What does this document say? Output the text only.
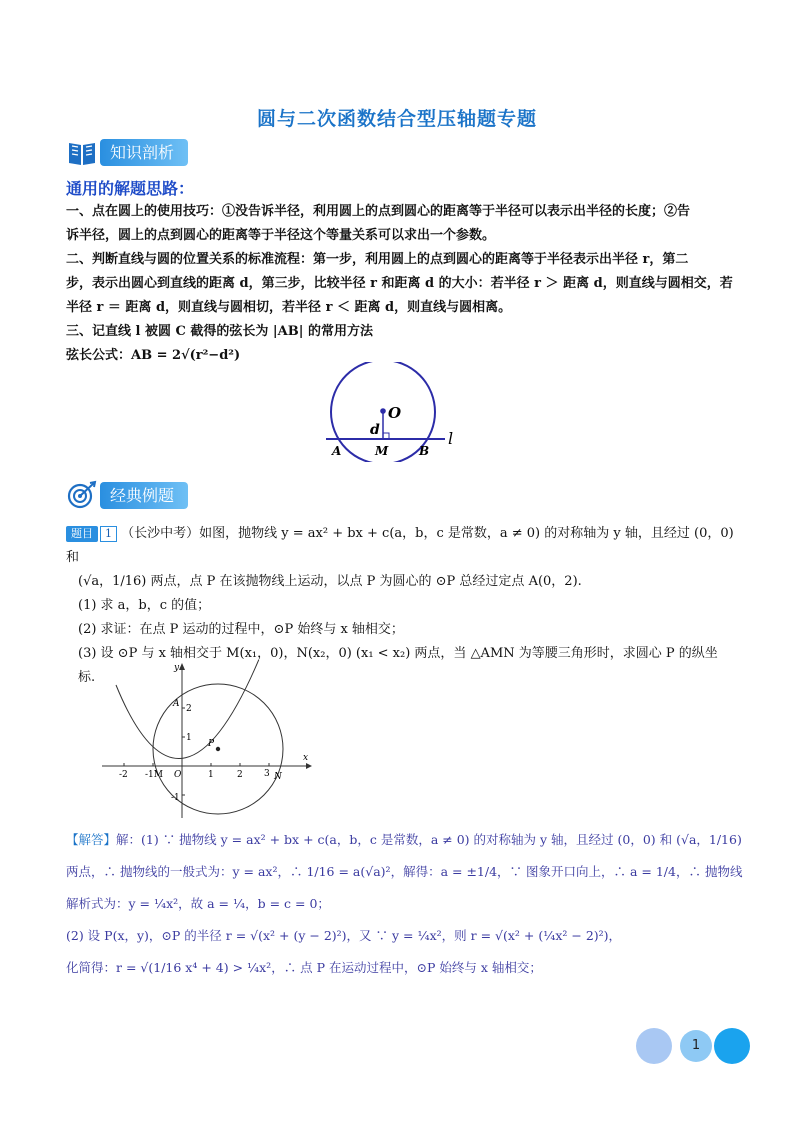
圆与二次函数结合型压轴题专题
知识剖析
通用的解题思路：

一、点在圆上的使用技巧：①没告诉半径，利用圆上的点到圆心的距离等于半径可以表示出半径的长度；②告

诉半径，圆上的点到圆心的距离等于半径这个等量关系可以求出一个参数。

二、判断直线与圆的位置关系的标准流程：第一步，利用圆上的点到圆心的距离等于半径表示出半径 r，第二

步，表示出圆心到直线的距离 d，第三步，比较半径 r 和距离 d 的大小：若半径 r ＞ 距离 d，则直线与圆相交，若

半径 r ＝ 距离 d，则直线与圆相切，若半径 r ＜ 距离 d，则直线与圆相离。

三、记直线 l 被圆 C 截得的弦长为 |AB| 的常用方法

弦长公式：AB = 2√(r²−d²)

O
d
A	M	B
l
经典例题

题目 1 （长沙中考）如图，抛物线 y = ax² + bx + c(a，b，c 是常数，a ≠ 0) 的对称轴为 y 轴，且经过 (0，0) 和

(√a，1/16) 两点，点 P 在该抛物线上运动，以点 P 为圆心的 ⊙P 总经过定点 A(0，2).

(1) 求 a，b，c 的值；

(2) 求证：在点 P 运动的过程中，⊙P 始终与 x 轴相交；

(3) 设 ⊙P 与 x 轴相交于 M(x₁，0)，N(x₂，0) (x₁ < x₂) 两点，当 △AMN 为等腰三角形时，求圆心 P 的纵坐

标.

y
x
A 2
1
P
-2 -1M O	1	2 3 N
-1

【解答】解：(1) ∵ 抛物线 y = ax² + bx + c(a，b，c 是常数，a ≠ 0) 的对称轴为 y 轴，且经过 (0，0) 和 (√a，1/16)

两点，∴ 抛物线的一般式为：y = ax²，∴ 1/16 = a(√a)²，解得：a = ±1/4，∵ 图象开口向上，∴ a = 1/4，∴ 抛物线

解析式为：y = ¼x²，故 a = ¼，b = c = 0；

(2) 设 P(x，y)，⊙P 的半径 r = √(x² + (y − 2)²)，又 ∵ y = ¼x²，则 r = √(x² + (¼x² − 2)²)，

化简得：r = √(1/16 x⁴ + 4) > ¼x²，∴ 点 P 在运动过程中，⊙P 始终与 x 轴相交；

1
